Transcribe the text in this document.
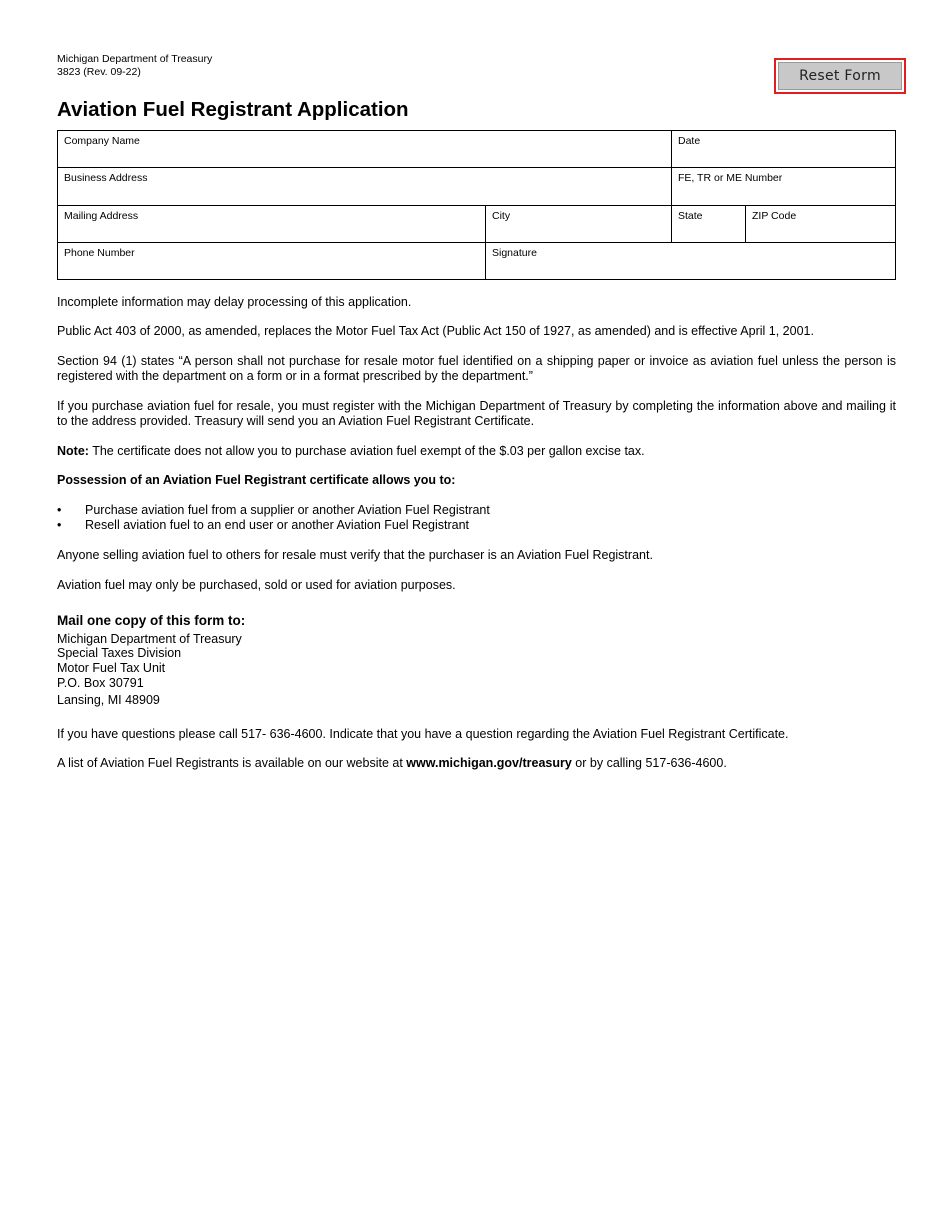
Michigan Department of Treasury
3823 (Rev. 09-22)	Reset Form
Aviation Fuel Registrant Application
Company Name	Date
Business Address	FE, TR or ME Number
Mailing Address	City	State	ZIP Code
Phone Number	Signature
Incomplete information may delay processing of this application.
Public Act 403 of 2000, as amended, replaces the Motor Fuel Tax Act (Public Act 150 of 1927, as amended) and is effective April 1, 2001.
Section 94 (1) states “A person shall not purchase for resale motor fuel identified on a shipping paper or invoice as aviation fuel unless the person is registered with the department on a form or in a format prescribed by the department.”
If you purchase aviation fuel for resale, you must register with the Michigan Department of Treasury by completing the information above and mailing it to the address provided. Treasury will send you an Aviation Fuel Registrant Certificate.
Note: The certificate does not allow you to purchase aviation fuel exempt of the $.03 per gallon excise tax.
Possession of an Aviation Fuel Registrant certificate allows you to:
• Purchase aviation fuel from a supplier or another Aviation Fuel Registrant
• Resell aviation fuel to an end user or another Aviation Fuel Registrant
Anyone selling aviation fuel to others for resale must verify that the purchaser is an Aviation Fuel Registrant.
Aviation fuel may only be purchased, sold or used for aviation purposes.
Mail one copy of this form to:
Michigan Department of Treasury
Special Taxes Division
Motor Fuel Tax Unit
P.O. Box 30791
Lansing, MI 48909
If you have questions please call 517- 636-4600. Indicate that you have a question regarding the Aviation Fuel Registrant Certificate.
A list of Aviation Fuel Registrants is available on our website at www.michigan.gov/treasury or by calling 517-636-4600.
